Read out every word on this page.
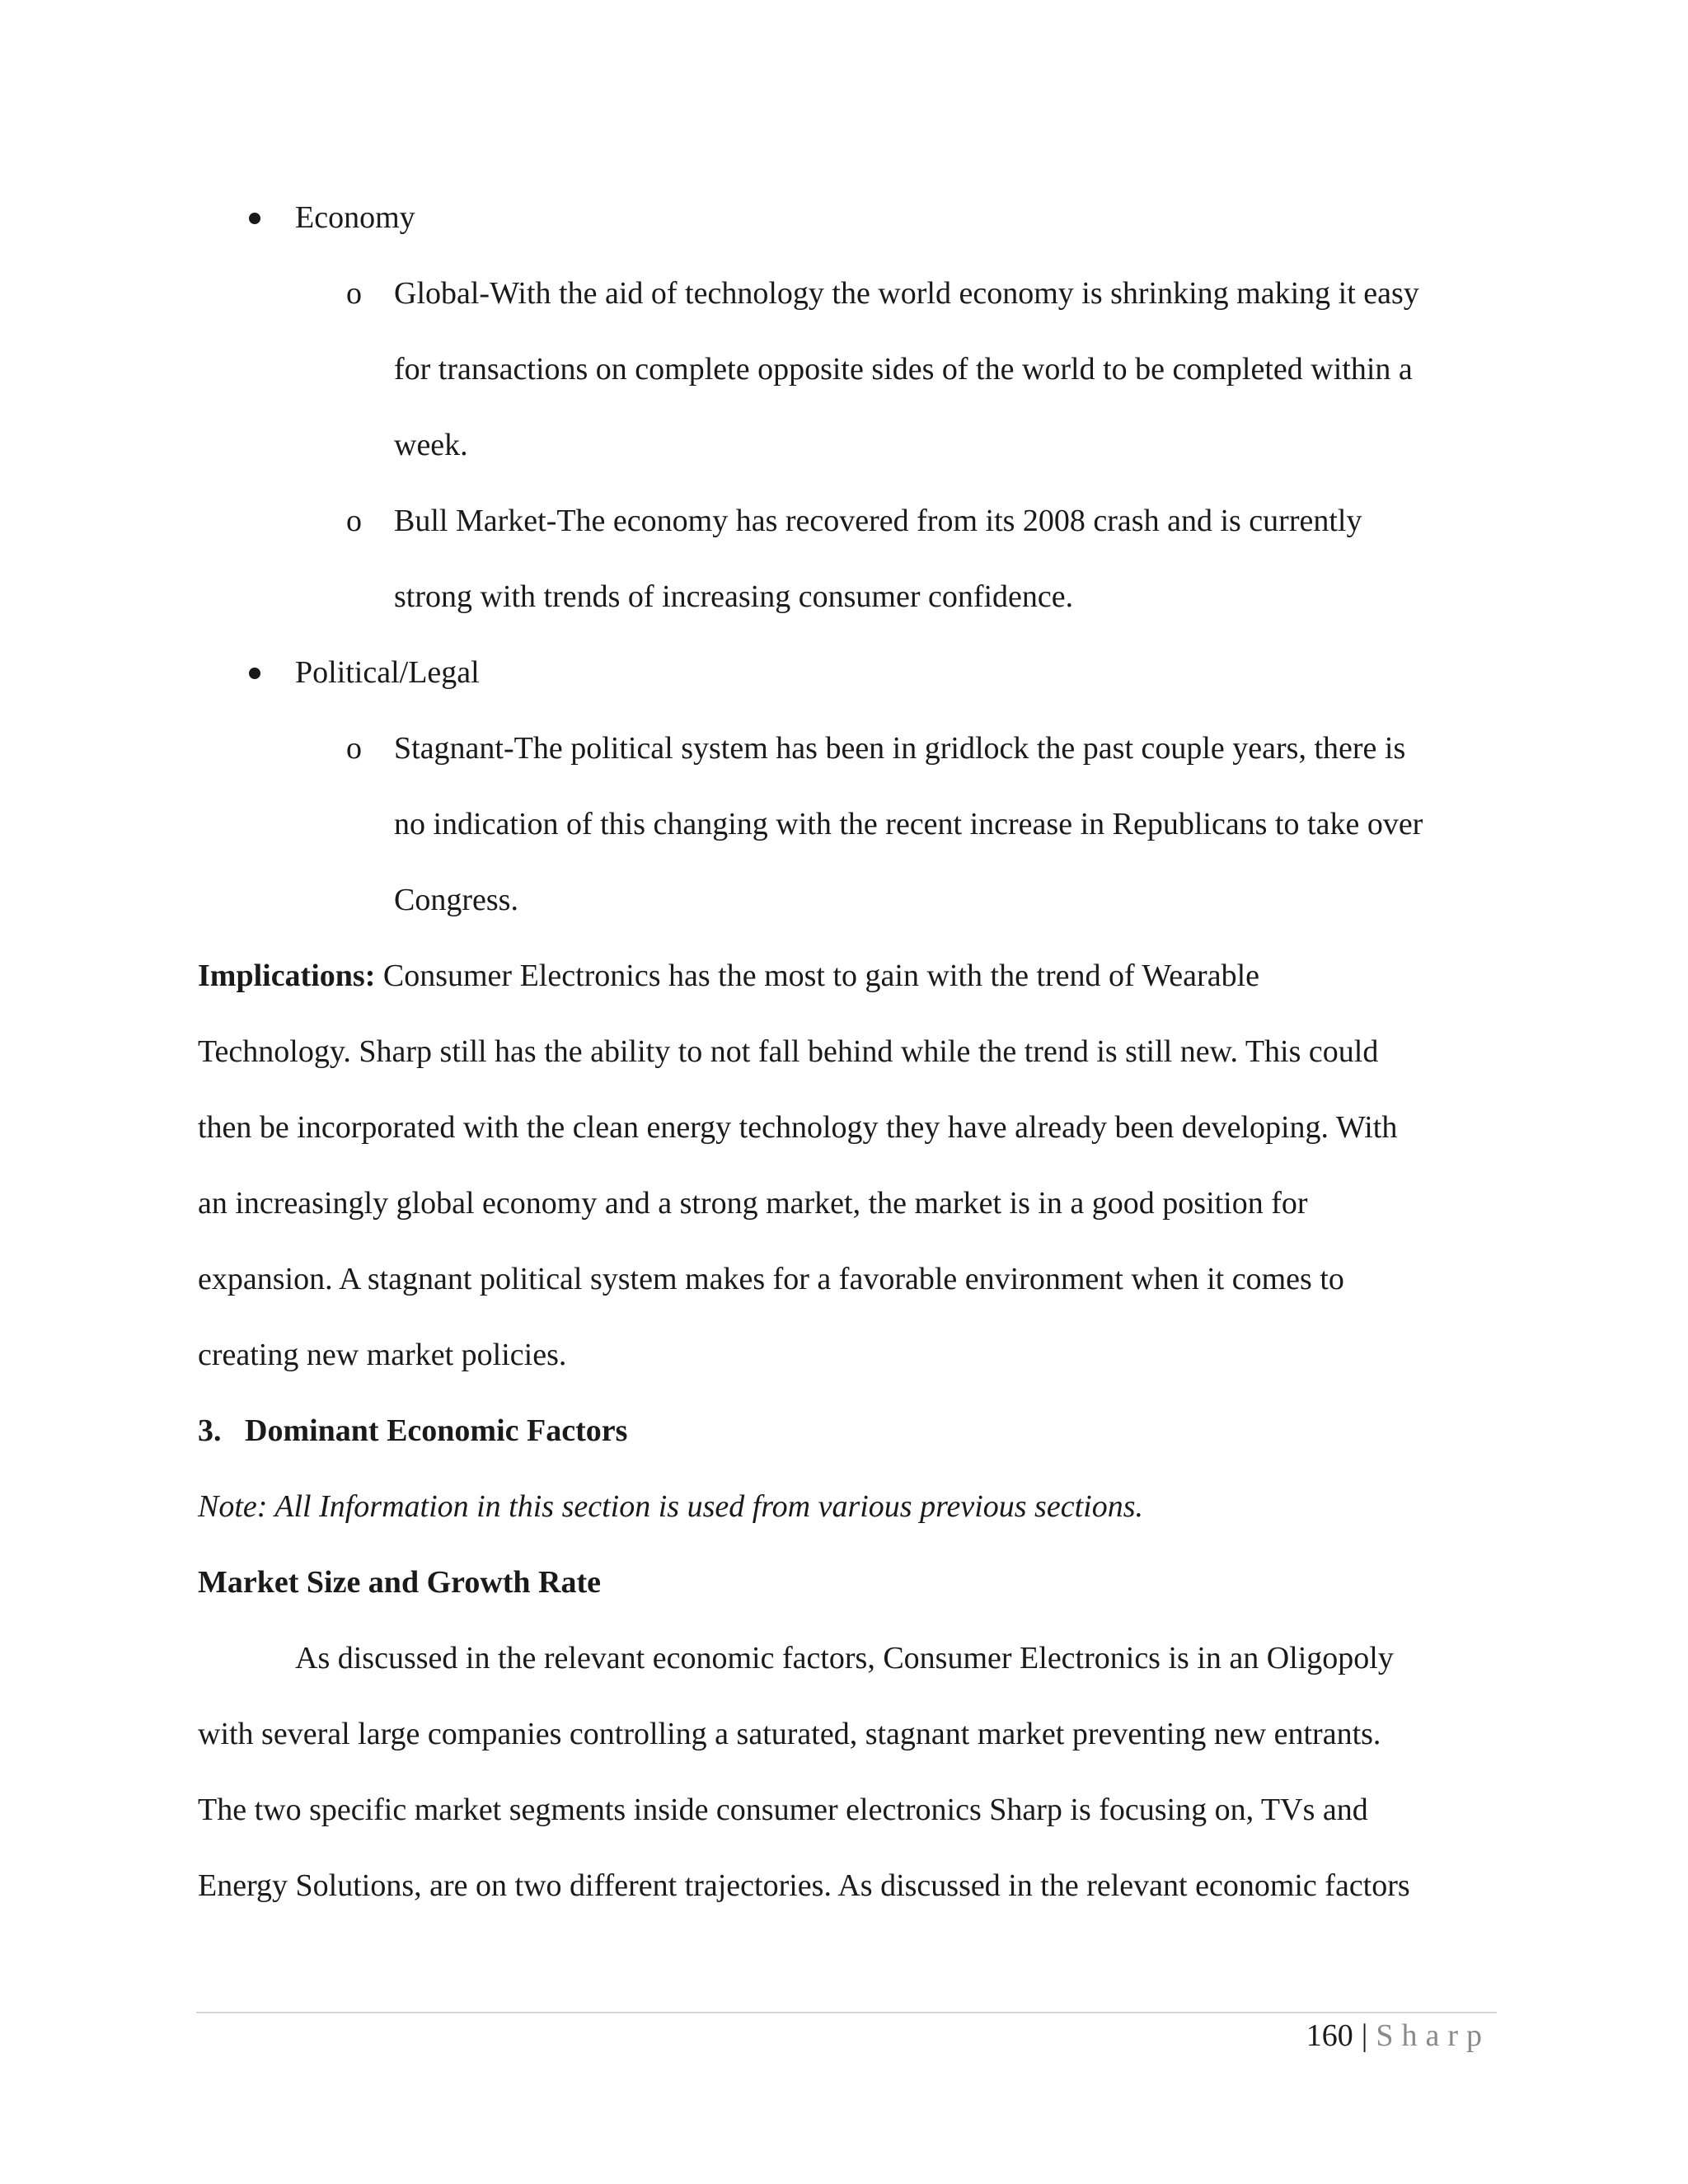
Economy
o Global-With the aid of technology the world economy is shrinking making it easy
for transactions on complete opposite sides of the world to be completed within a
week.
o Bull Market-The economy has recovered from its 2008 crash and is currently
strong with trends of increasing consumer confidence.
Political/Legal
o Stagnant-The political system has been in gridlock the past couple years, there is
no indication of this changing with the recent increase in Republicans to take over
Congress.
Implications: Consumer Electronics has the most to gain with the trend of Wearable
Technology. Sharp still has the ability to not fall behind while the trend is still new. This could
then be incorporated with the clean energy technology they have already been developing. With
an increasingly global economy and a strong market, the market is in a good position for
expansion. A stagnant political system makes for a favorable environment when it comes to
creating new market policies.
3.   Dominant Economic Factors
Note: All Information in this section is used from various previous sections.
Market Size and Growth Rate
As discussed in the relevant economic factors, Consumer Electronics is in an Oligopoly
with several large companies controlling a saturated, stagnant market preventing new entrants.
The two specific market segments inside consumer electronics Sharp is focusing on, TVs and
Energy Solutions, are on two different trajectories. As discussed in the relevant economic factors
160 | Sharp
